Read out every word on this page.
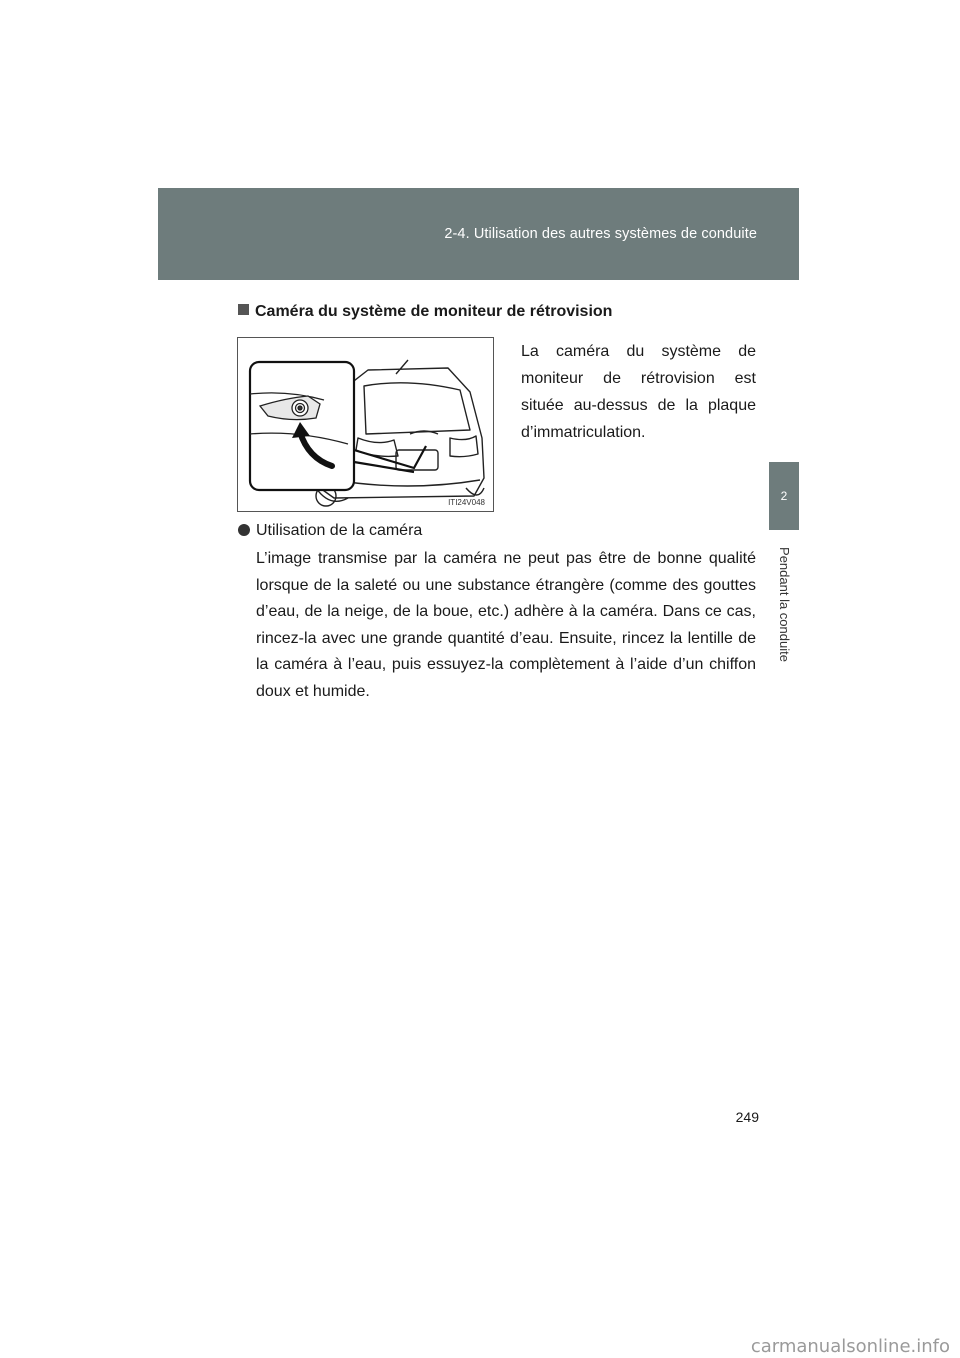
2-4. Utilisation des autres systèmes de conduite
2
Pendant la conduite
Caméra du système de moniteur de rétrovision
ITI24V048
La caméra du système de moniteur de rétrovision est située au-dessus de la plaque d’immatriculation.
Utilisation de la caméra
L’image transmise par la caméra ne peut pas être de bonne qualité lorsque de la saleté ou une substance étrangère (comme des gouttes d’eau, de la neige, de la boue, etc.) adhère à la caméra. Dans ce cas, rincez-la avec une grande quantité d’eau. Ensuite, rincez la lentille de la caméra à l’eau, puis essuyez-la complètement à l’aide d’un chiffon doux et humide.
249
carmanualsonline.info
